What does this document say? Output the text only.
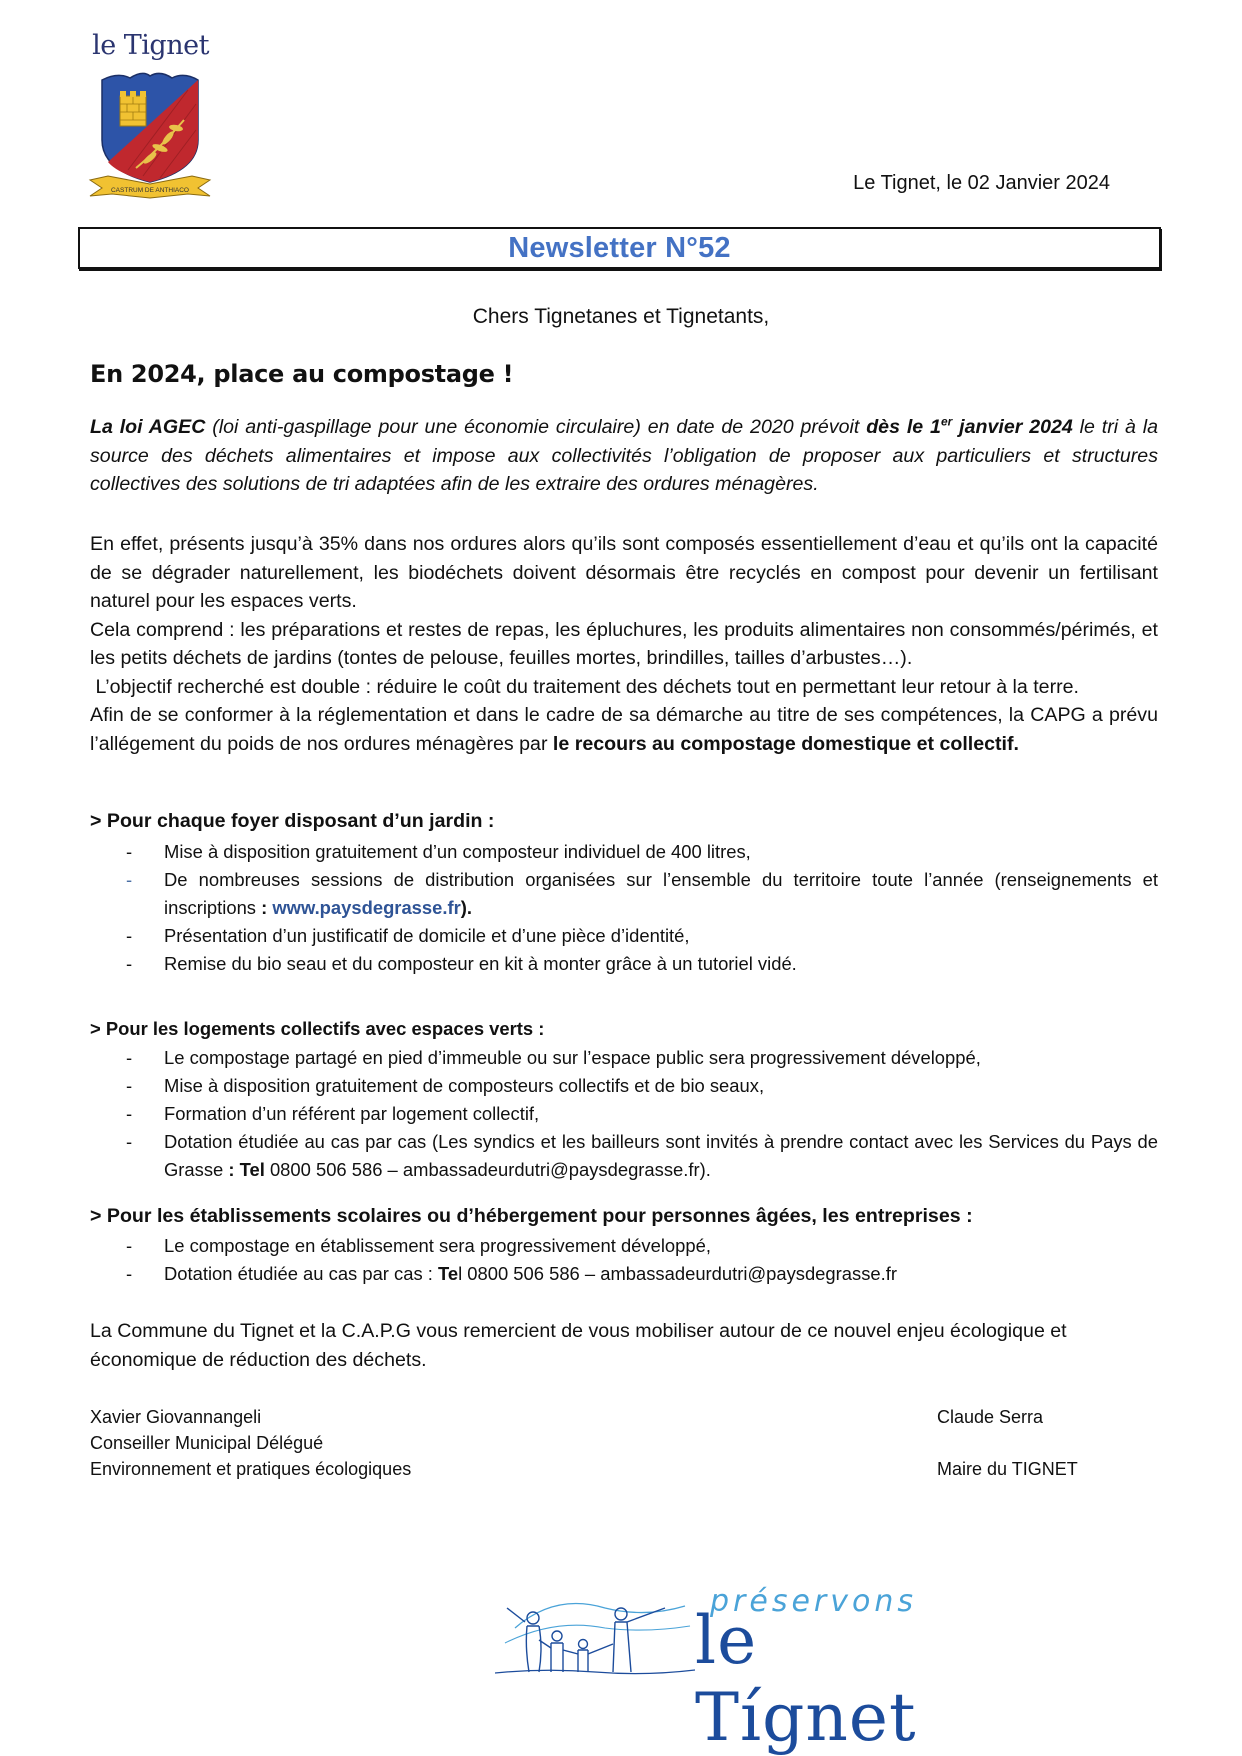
le Tignet
CASTRUM DE ANTHIACO	Le Tignet, le 02 Janvier 2024
Newsletter N°52
Chers Tignetanes et Tignetants,
En 2024, place au compostage !

La loi AGEC (loi anti-gaspillage pour une économie circulaire) en date de 2020 prévoit dès le 1er janvier 2024 le tri à la source des déchets alimentaires et impose aux collectivités l’obligation de proposer aux particuliers et structures collectives des solutions de tri adaptées afin de les extraire des ordures ménagères.

En effet, présents jusqu’à 35% dans nos ordures alors qu’ils sont composés essentiellement d’eau et qu’ils ont la capacité de se dégrader naturellement, les biodéchets doivent désormais être recyclés en compost pour devenir un fertilisant naturel pour les espaces verts.

Cela comprend : les préparations et restes de repas, les épluchures, les produits alimentaires non consommés/périmés, et les petits déchets de jardins (tontes de pelouse, feuilles mortes, brindilles, tailles d’arbustes…).

L’objectif recherché est double : réduire le coût du traitement des déchets tout en permettant leur retour à la terre.

Afin de se conformer à la réglementation et dans le cadre de sa démarche au titre de ses compétences, la CAPG a prévu l’allégement du poids de nos ordures ménagères par le recours au compostage domestique et collectif.

> Pour chaque foyer disposant d’un jardin :
- Mise à disposition gratuitement d’un composteur individuel de 400 litres,
- De nombreuses sessions de distribution organisées sur l’ensemble du territoire toute l’année (renseignements et inscriptions : www.paysdegrasse.fr).
- Présentation d’un justificatif de domicile et d’une pièce d’identité,
- Remise du bio seau et du composteur en kit à monter grâce à un tutoriel vidé.
> Pour les logements collectifs avec espaces verts :
- Le compostage partagé en pied d’immeuble ou sur l’espace public sera progressivement développé,
- Mise à disposition gratuitement de composteurs collectifs et de bio seaux,
- Formation d’un référent par logement collectif,
- Dotation étudiée au cas par cas (Les syndics et les bailleurs sont invités à prendre contact avec les Services du Pays de Grasse : Tel 0800 506 586 – ambassadeurdutri@paysdegrasse.fr).
> Pour les établissements scolaires ou d’hébergement pour personnes âgées, les entreprises :
- Le compostage en établissement sera progressivement développé,
- Dotation étudiée au cas par cas : Tel 0800 506 586 – ambassadeurdutri@paysdegrasse.fr
La Commune du Tignet et la C.A.P.G vous remercient de vous mobiliser autour de ce nouvel enjeu écologique et économique de réduction des déchets.
Xavier Giovannangeli
Conseiller Municipal Délégué
Environnement et pratiques écologiques
Claude Serra
Maire du TIGNET
préservons
le Tígnet
